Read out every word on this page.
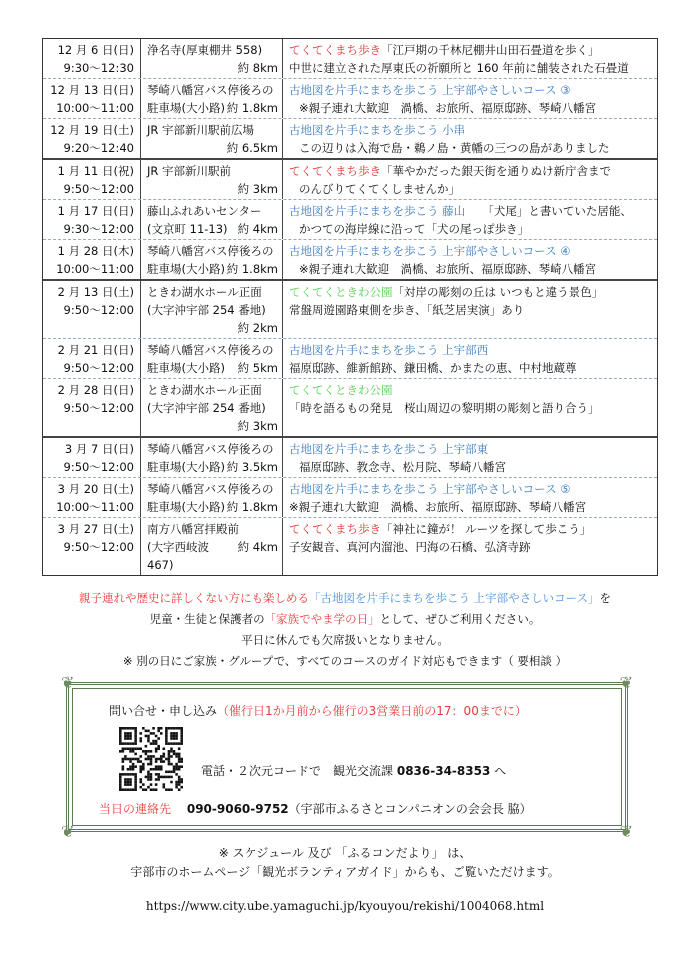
12 月 6 日(日)
9:30～12:30
浄名寺(厚東棚井 558)
約 8km
てくてくまち歩き「江戸期の千林尼棚井山田石畳道を歩く」
中世に建立された厚東氏の祈願所と 160 年前に舗装された石畳道
12 月 13 日(日)
10:00～11:00
琴崎八幡宮バス停後ろの
約 1.8km
駐車場(大小路)
古地図を片手にまちを歩こう 上宇部やさしいコース ③
※親子連れ大歓迎　渦橋、お旅所、福原邸跡、琴崎八幡宮
12 月 19 日(土)
9:20～12:40
JR 宇部新川駅前広場
約 6.5km
古地図を片手にまちを歩こう 小串
この辺りは入海で島・鵜ノ島・黄幡の三つの島がありました
1 月 11 日(祝)
9:50～12:00
JR 宇部新川駅前
約 3km
てくてくまち歩き「華やかだった銀天街を通りぬけ新庁舎まで
のんびりてくてくしませんか」
1 月 17 日(日)
9:30～12:00
藤山ふれあいセンター
約 4km
(文京町 11-13)
古地図を片手にまちを歩こう 藤山　　「犬尾」と書いていた居能、
かつての海岸線に沿って「犬の尾っぽ歩き」
1 月 28 日(木)
10:00～11:00
琴崎八幡宮バス停後ろの
約 1.8km
駐車場(大小路)
古地図を片手にまちを歩こう 上宇部やさしいコース ④
※親子連れ大歓迎　渦橋、お旅所、福原邸跡、琴崎八幡宮
2 月 13 日(土)
9:50～12:00
ときわ湖水ホール正面
(大字沖宇部 254 番地)
約 2km
てくてくときわ公園「対岸の彫刻の丘は いつもと違う景色」
常盤周遊園路東側を歩き、「紙芝居実演」あり
2 月 21 日(日)
9:50～12:00
琴崎八幡宮バス停後ろの
約 5km
駐車場(大小路)
古地図を片手にまちを歩こう 上宇部西
福原邸跡、維新館跡、鎌田橋、かまたの恵、中村地蔵尊
2 月 28 日(日)
9:50～12:00
ときわ湖水ホール正面
(大字沖宇部 254 番地)
約 3km
てくてくときわ公園
「時を語るもの発見　桜山周辺の黎明期の彫刻と語り合う」
3 月 7 日(日)
9:50～12:00
琴崎八幡宮バス停後ろの
約 3.5km
駐車場(大小路)
古地図を片手にまちを歩こう 上宇部東
福原邸跡、教念寺、松月院、琴崎八幡宮
3 月 20 日(土)
10:00～11:00
琴崎八幡宮バス停後ろの
約 1.8km
駐車場(大小路)
古地図を片手にまちを歩こう 上宇部やさしいコース ⑤
※親子連れ大歓迎　渦橋、お旅所、福原邸跡、琴崎八幡宮
3 月 27 日(土)
9:50～12:00
南方八幡宮拝殿前
約 4km
(大字西岐波 467)
てくてくまち歩き「神社に鐘が！ ルーツを探して歩こう」
子安観音、真河内溜池、円海の石橋、弘済寺跡
親子連れや歴史に詳しくない方にも楽しめる「古地図を片手にまちを歩こう 上宇部やさしいコース」を
児童・生徒と保護者の「家族でやま学の日」として、ぜひご利用ください。
平日に休んでも欠席扱いとなりません。
※ 別の日にご家族・グループで、すべてのコースのガイド対応もできます（ 要相談 ）
❦	❦
❦	❦
問い合せ・申し込み（催行日1か月前から催行の3営業日前の17：00までに）
電話・２次元コードで　観光交流課 0836-34-8353 へ
当日の連絡先　 090-9060-9752（宇部市ふるさとコンパニオンの会会長 脇）
※ スケジュール 及び 「ふるコンだより」 は、
宇部市のホームページ「観光ボランティアガイド」からも、ご覧いただけます。
https://www.city.ube.yamaguchi.jp/kyouyou/rekishi/1004068.html
